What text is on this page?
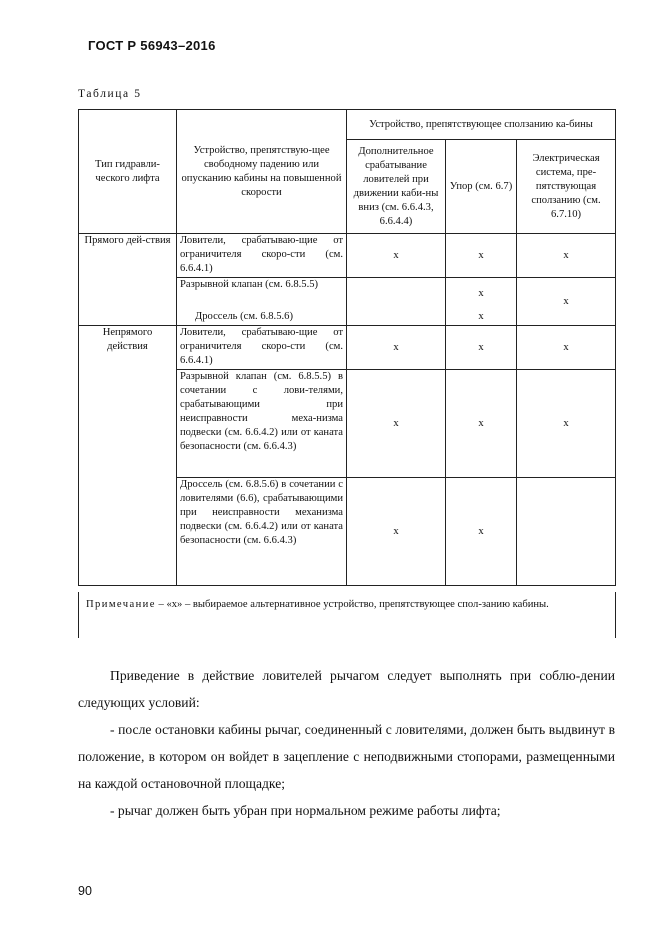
ГОСТ Р 56943–2016
Таблица 5
Тип гидравли-ческого лифта	Устройство, препятствую-щее свободному падению или опусканию кабины на повышенной скорости	Устройство, препятствующее сползанию ка-бины		
		Дополнительное срабатывание ловителей при движении каби-ны вниз (см. 6.6.4.3, 6.6.4.4)	Упор (см. 6.7)	Электрическая система, пре-пятствующая сползанию (см. 6.7.10)
Прямого дей-ствия	Ловители, срабатываю-щие от ограничителя скоро-сти (см. 6.6.4.1)	х	х	х
	Разрывной клапан (см. 6.8.5.5)		х	х
	Дроссель (см. 6.8.5.6)		х	
Непрямого действия	Ловители, срабатываю-щие от ограничителя скоро-сти (см. 6.6.4.1)	х	х	х
	Разрывной клапан (см. 6.8.5.5) в сочетании с лови-телями, срабатывающими при неисправности меха-низма подвески (см. 6.6.4.2) или от каната безопасности (см. 6.6.4.3)	х	х	х
	Дроссель (см. 6.8.5.6) в сочетании с ловителями (6.6), срабатывающими при неисправности механизма подвески (см. 6.6.4.2) или от каната безопасности (см. 6.6.4.3)	х	х	
Примечание – «х» – выбираемое альтернативное устройство, препятствующее спол-занию кабины.

Приведение в действие ловителей рычагом следует выполнять при соблю-дении следующих условий:

- после остановки кабины рычаг, соединенный с ловителями, должен быть выдвинут в положение, в котором он войдет в зацепление с неподвижными стопорами, размещенными на каждой остановочной площадке;

- рычаг должен быть убран при нормальном режиме работы лифта;

90
